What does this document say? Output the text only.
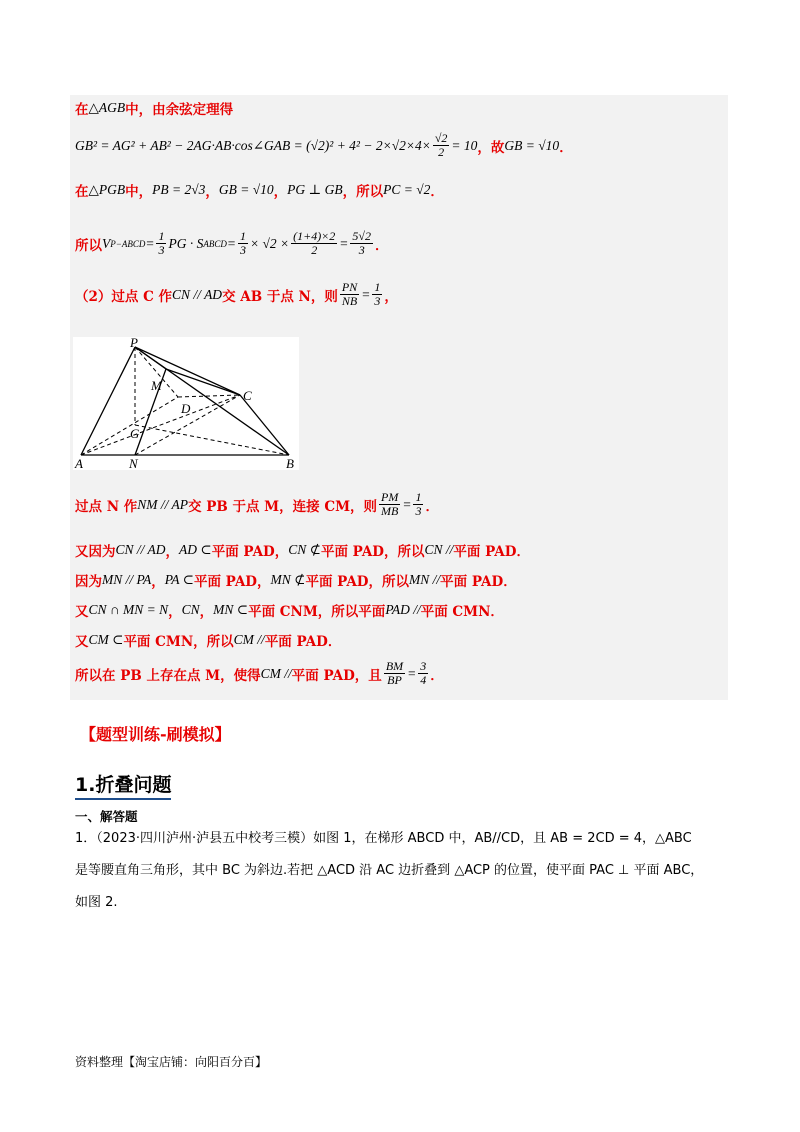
在 △AGB 中，由余弦定理得
GB² = AG² + AB² − 2AG·AB·cos∠GAB = $(√2)^2 + 4^2 - 2\times√2\times 4\times \frac{√2}{2} = 10$ ，故 GB = √10 ．
在 △PGB 中， PB = 2√3 ， GB = √10 ， PG ⊥ GB ，所以 PC = √2 ．
所以 V P−ABCD = $\frac{1}{3}$ PG · S ABCD = $\frac{1}{3} \times √2 \times \frac{(1+4)\times 2}{2} = \frac{5√2}{3}$ ．
（2）过点 C 作 CN // AD 交 AB 于点 N，则 $\frac{PN}{NB} = \frac{1}{3}$ ，
P
M
D
C
G
A	N	B
过点 N 作 NM // AP 交 PB 于点 M，连接 CM，则 $\frac{PM}{MB} = \frac{1}{3}$ ．
又因为 CN // AD ， AD ⊂ 平面 PAD， CN ⊄ 平面 PAD，所以 CN // 平面 PAD．
因为 MN // PA ， PA ⊂ 平面 PAD， MN ⊄ 平面 PAD，所以 MN // 平面 PAD．
又 CN ∩ MN = N ， CN ， MN ⊂ 平面 CNM，所以平面 PAD // 平面 CMN．
又 CM ⊂ 平面 CMN，所以 CM // 平面 PAD．
所以在 PB 上存在点 M，使得 CM // 平面 PAD，且 $\frac{BM}{BP} = \frac{3}{4}$ ．
【题型训练-刷模拟】
1.折叠问题
一、解答题
1．（2023·四川泸州·泸县五中校考三模）如图 1，在梯形 ABCD 中，AB//CD，且 AB = 2CD = 4，△ABC
是等腰直角三角形，其中 BC 为斜边.若把 △ACD 沿 AC 边折叠到 △ACP 的位置，使平面 PAC ⊥ 平面 ABC，
如图 2.
资料整理【淘宝店铺：向阳百分百】
